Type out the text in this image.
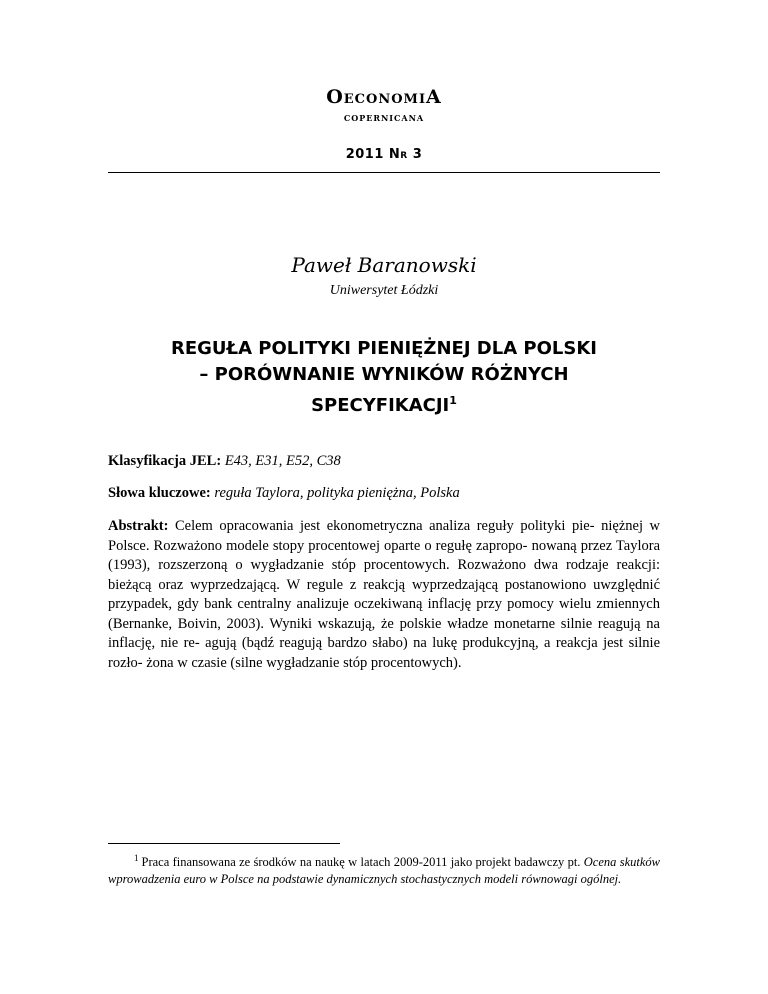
OeconomiA
copernicana
2011 Nr 3
Paweł Baranowski
Uniwersytet Łódzki
REGUŁA POLITYKI PIENIĘŻNEJ DLA POLSKI
– PORÓWNANIE WYNIKÓW RÓŻNYCH
SPECYFIKACJI$^1$
Klasyfikacja JEL: E43, E31, E52, C38
Słowa kluczowe: reguła Taylora, polityka pieniężna, Polska
Abstrakt: Celem opracowania jest ekonometryczna analiza reguły polityki pie- niężnej w Polsce. Rozważono modele stopy procentowej oparte o regułę zapropo- nowaną przez Taylora (1993), rozszerzoną o wygładzanie stóp procentowych. Rozważono dwa rodzaje reakcji: bieżącą oraz wyprzedzającą. W regule z reakcją wyprzedzającą postanowiono uwzględnić przypadek, gdy bank centralny analizuje oczekiwaną inflację przy pomocy wielu zmiennych (Bernanke, Boivin, 2003). Wyniki wskazują, że polskie władze monetarne silnie reagują na inflację, nie re- agują (bądź reagują bardzo słabo) na lukę produkcyjną, a reakcja jest silnie rozło- żona w czasie (silne wygładzanie stóp procentowych).
$^1$ Praca finansowana ze środków na naukę w latach 2009-2011 jako projekt badawczy pt. Ocena skutków wprowadzenia euro w Polsce na podstawie dynamicznych stochastycznych modeli równowagi ogólnej.
